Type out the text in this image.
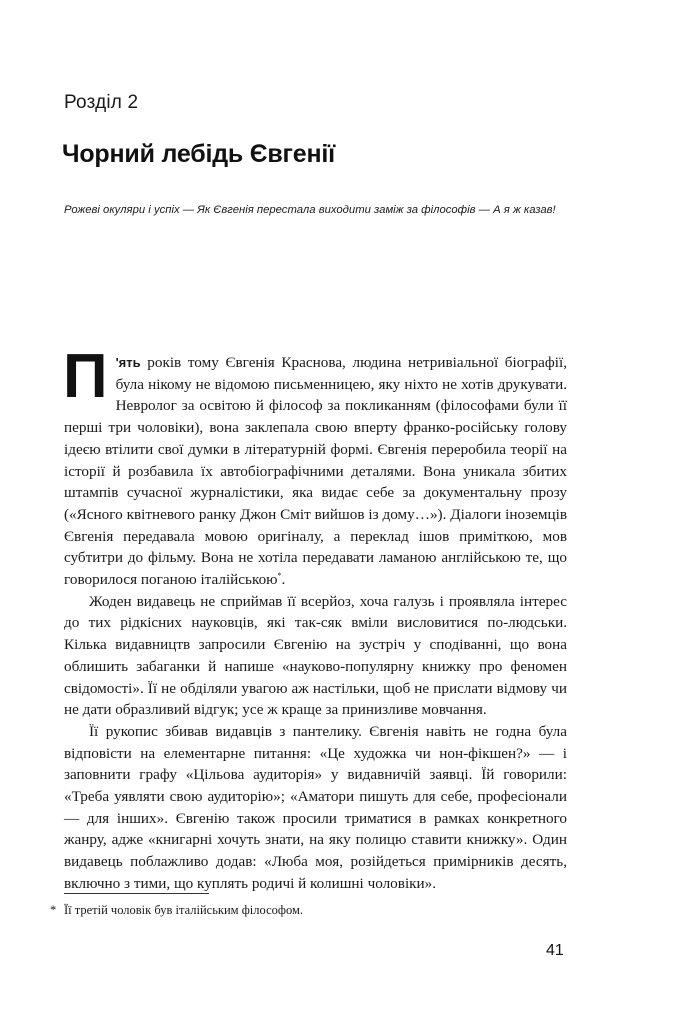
Розділ 2
Чорний лебідь Євгенії
Рожеві окуляри і успіх — Як Євгенія перестала виходити заміж за філософів — А я ж казав!

П 'ять років тому Євгенія Краснова, людина нетривіальної біографії, була нікому не відомою письменницею, яку ніхто не хотів друкувати. Невролог за освітою й філософ за покликанням (філософами були її перші три чоловіки), вона заклепала свою вперту франко-російську голову ідеєю втілити свої думки в літературній формі. Євгенія переробила теорії на історії й розбавила їх автобіографічними деталями. Вона уникала збитих штампів сучасної журналістики, яка видає себе за документальну прозу («Ясного квітневого ранку Джон Сміт вийшов із дому…»). Діалоги іноземців Євгенія передавала мовою оригіналу, а переклад ішов приміткою, мов субтитри до фільму. Вона не хотіла передавати ламаною англійською те, що говорилося поганою італійською*.

Жоден видавець не сприймав її всерйоз, хоча галузь і проявляла інтерес до тих рідкісних науковців, які так-сяк вміли висловитися по-людськи. Кілька видавництв запросили Євгенію на зустріч у сподіванні, що вона облишить забаганки й напише «науково-популярну книжку про феномен свідомості». Її не обділяли увагою аж настільки, щоб не прислати відмову чи не дати образливий відгук; усе ж краще за принизливе мовчання.

Її рукопис збивав видавців з пантелику. Євгенія навіть не годна була відповісти на елементарне питання: «Це художка чи нон-фікшен?» — і заповнити графу «Цільова аудиторія» у видавничій заявці. Їй говорили: «Треба уявляти свою аудиторію»; «Аматори пишуть для себе, професіонали — для інших». Євгенію також просили триматися в рамках конкретного жанру, адже «книгарні хочуть знати, на яку полицю ставити книжку». Один видавець поблажливо додав: «Люба моя, розійдеться примірників десять, включно з тими, що куплять родичі й колишні чоловіки».

* Її третій чоловік був італійським філософом.
41
